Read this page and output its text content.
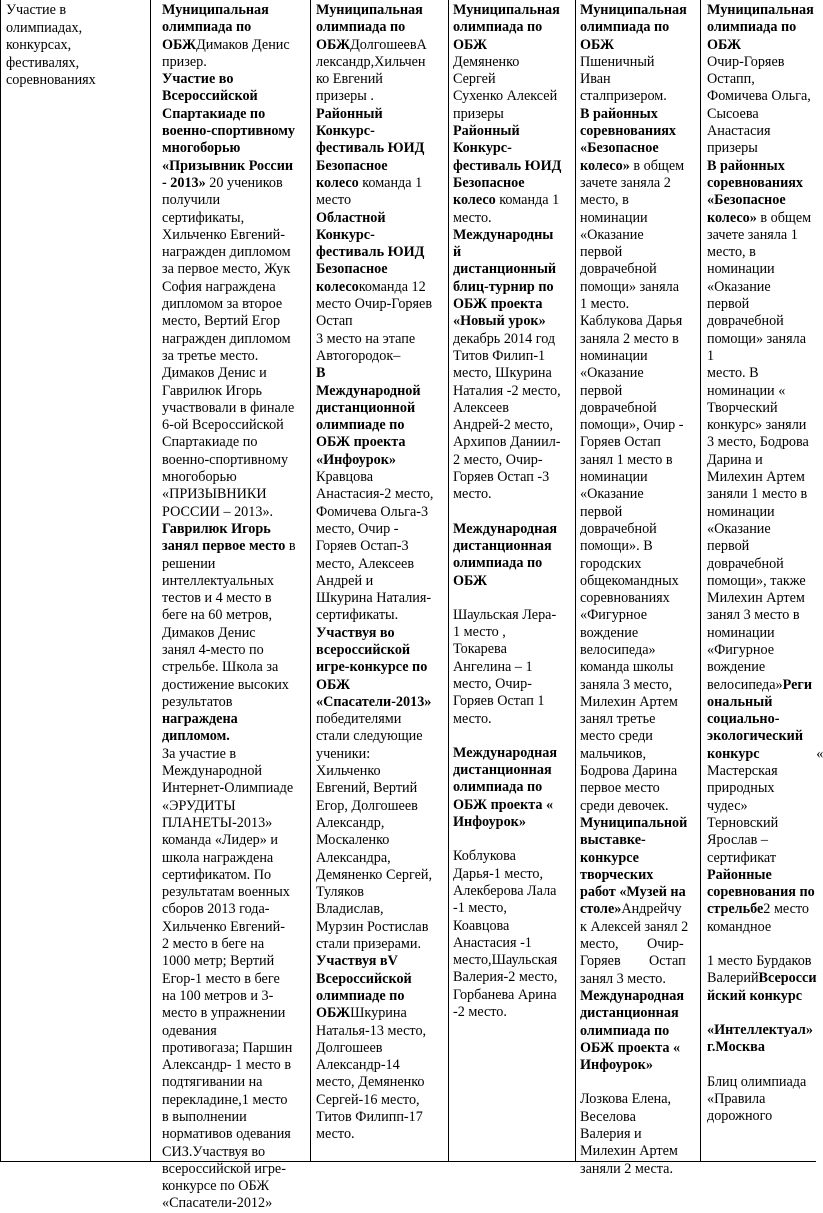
Участие в

олимпиадах,

конкурсах,

фестивалях,

соревнованиях

Муниципальная

олимпиада по

ОБЖДимаков Денис

призер.

Участие во

Всероссийской

Спартакиаде по

военно-спортивному

многоборью

«Призывник России

- 2013» 20 учеников

получили

сертификаты,

Хильченко Евгений-

награжден дипломом

за первое место, Жук

София награждена

дипломом за второе

место, Вертий Егор

награжден дипломом

за третье место.

Димаков Денис и

Гаврилюк Игорь

участвовали в финале

6-ой Всероссийской

Спартакиаде по

военно-спортивному

многоборью

«ПРИЗЫВНИКИ

РОССИИ – 2013».

Гаврилюк Игорь

занял первое место в

решении

интеллектуальных

тестов и 4 место в

беге на 60 метров,

Димаков Денис

занял 4-место по

стрельбе. Школа за

достижение высоких

результатов

награждена

дипломом.

За участие в

Международной

Интернет-Олимпиаде

«ЭРУДИТЫ

ПЛАНЕТЫ-2013»

команда «Лидер» и

школа награждена

сертификатом. По

результатам военных

сборов 2013 года-

Хильченко Евгений-

2 место в беге на

1000 метр; Вертий

Егор-1 место в беге

на 100 метров и 3-

место в упражнении

одевания

противогаза; Паршин

Александр- 1 место в

подтягивании на

перекладине,1 место

в выполнении

нормативов одевания

СИЗ.Участвуя во

всероссийской игре-

конкурсе по ОБЖ

«Спасатели-2012»

Муниципальная

олимпиада по

ОБЖДолгошеевА

лександр,Хильчен

ко Евгений

призеры .

Районный

Конкурс-

фестиваль ЮИД

Безопасное

колесо команда 1

место

Областной

Конкурс-

фестиваль ЮИД

Безопасное

колесокоманда 12

место Очир-Горяев

Остап

3 место на этапе

Автогородок–

В

Международной

дистанционной

олимпиаде по

ОБЖ проекта

«Инфоурок»

Кравцова

Анастасия-2 место,

Фомичева Ольга-3

место, Очир -

Горяев Остап-3

место, Алексеев

Андрей и

Шкурина Наталия-

сертификаты.

Участвуя во

всероссийской

игре-конкурсе по

ОБЖ

«Спасатели-2013»

победителями

стали следующие

ученики:

Хильченко

Евгений, Вертий

Егор, Долгошеев

Александр,

Москаленко

Александра,

Демяненко Сергей,

Туляков

Владислав,

Мурзин Ростислав

стали призерами.

Участвуя вV

Всероссийской

олимпиаде по

ОБЖШкурина

Наталья-13 место,

Долгошеев

Александр-14

место, Демяненко

Сергей-16 место,

Титов Филипп-17

место.

Муниципальная

олимпиада по

ОБЖ

Демяненко

Сергей

Сухенко Алексей

призеры

Районный

Конкурс-

фестиваль ЮИД

Безопасное

колесо команда 1

место.

Международны

й

дистанционный

блиц-турнир по

ОБЖ проекта

«Новый урок»

декабрь 2014 год

Титов Филип-1

место, Шкурина

Наталия -2 место,

Алексеев

Андрей-2 место,

Архипов Даниил-

2 место, Очир-

Горяев Остап -3

место.

Международная

дистанционная

олимпиада по

ОБЖ

Шаульская Лера-

1 место ,

Токарева

Ангелина – 1

место, Очир-

Горяев Остап 1

место.

Международная

дистанционная

олимпиада по

ОБЖ проекта «

Инфоурок»

Коблукова

Дарья-1 место,

Алекберова Лала

-1 место,

Коавцова

Анастасия -1

место,Шаульская

Валерия-2 место,

Горбанева Арина

-2 место.

Муниципальная

олимпиада по

ОБЖ

Пшеничный

Иван

сталпризером.

В районных

соревнованиях

«Безопасное

колесо» в общем

зачете заняла 2

место, в

номинации

«Оказание

первой

доврачебной

помощи» заняла

1 место.

Каблукова Дарья

заняла 2 место в

номинации

«Оказание

первой

доврачебной

помощи», Очир -

Горяев Остап

занял 1 место в

номинации

«Оказание

первой

доврачебной

помощи». В

городских

общекомандных

соревнованиях

«Фигурное

вождение

велосипеда»

команда школы

заняла 3 место,

Милехин Артем

занял третье

место среди

мальчиков,

Бодрова Дарина

первое место

среди девочек.

Муниципальной

выставке-

конкурсе

творческих

работ «Музей на

столе»Андрейчу

к Алексей занял 2

место,        Очир-

Горяев        Остап

занял 3 место.

Международная

дистанционная

олимпиада по

ОБЖ проекта «

Инфоурок»

Лозкова Елена,

Веселова

Валерия и

Милехин Артем

заняли 2 места.

Муниципальная

олимпиада по

ОБЖ

Очир-Горяев

Остапп,

Фомичева Ольга,

Сысоева

Анастасия

призеры

В районных

соревнованиях

«Безопасное

колесо» в общем

зачете заняла 1

место, в

номинации

«Оказание первой

доврачебной

помощи» заняла 1

место. В

номинации «

Творческий

конкурс» заняли

3 место, Бодрова

Дарина и

Милехин Артем

заняли 1 место в

номинации

«Оказание первой

доврачебной

помощи», также

Милехин Артем

занял 3 место в

номинации

«Фигурное

вождение

велосипеда»Реги

ональный

социально-

экологический

конкурс                «

Мастерская

природных

чудес»

Терновский

Ярослав –

сертификат

Районные

соревнования по

стрельбе2 место

командное

1 место Бурдаков

ВалерийВсеросси

йский конкурс

«Интеллектуал»

г.Москва

Блиц олимпиада

«Правила

дорожного
